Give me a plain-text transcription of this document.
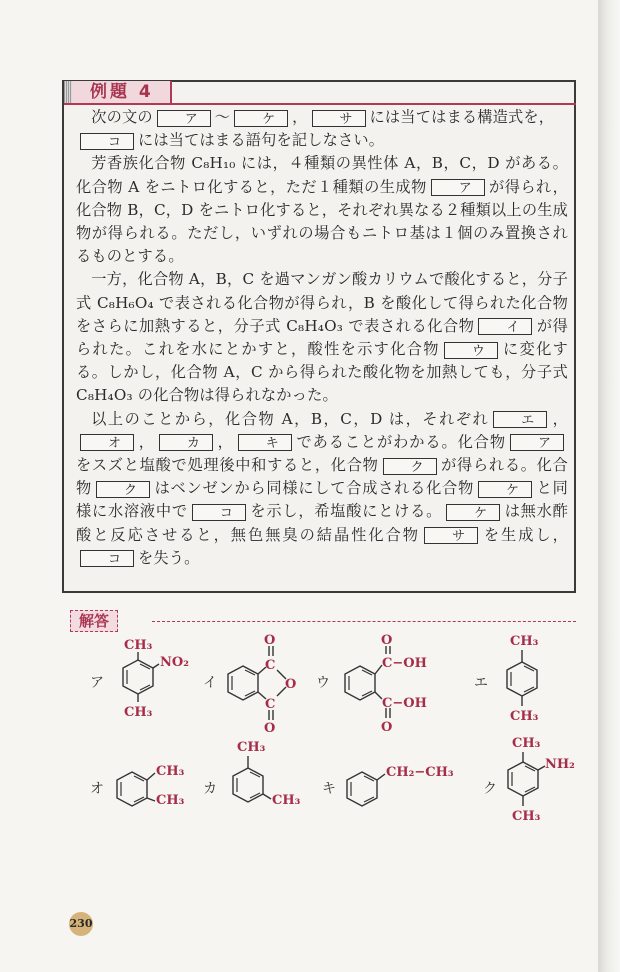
例題 4

次の文の ア 〜 ケ ， サ には当てはまる構造式を，
コ には当てはまる語句を記しなさい。

芳香族化合物 C₈H₁₀ には，４種類の異性体 A，B，C，D がある。化合物 A をニトロ化すると，ただ１種類の生成物 ア が得られ，化合物 B，C，D をニトロ化すると，それぞれ異なる２種類以上の生成物が得られる。ただし，いずれの場合もニトロ基は１個のみ置換されるものとする。

一方，化合物 A，B，C を過マンガン酸カリウムで酸化すると，分子式 C₈H₆O₄ で表される化合物が得られ，B を酸化して得られた化合物をさらに加熱すると，分子式 C₈H₄O₃ で表される化合物 イ が得られた。これを水にとかすと，酸性を示す化合物 ウ に変化する。しかし，化合物 A，C から得られた酸化物を加熱しても，分子式 C₈H₄O₃ の化合物は得られなかった。

以上のことから，化合物 A，B，C，D は，それぞれ エ ，オ ， カ ， キ であることがわかる。化合物 アをスズと塩酸で処理後中和すると，化合物 ク が得られる。化合物 ク はベンゼンから同様にして合成される化合物 ケ と同様に水溶液中で コ を示し，希塩酸にとける。 ケ は無水酢酸と反応させると，無色無臭の結晶性化合物 サ を生成し，コ を失う。

解答
ア
CH₃
NO₂
CH₃
イ
O
C
O
C
O
ウ
O
C−OH
C−OH
O
エ
CH₃
CH₃
オ
CH₃
CH₃
カ
CH₃
CH₃
キ
CH₂−CH₃
ク
CH₃
NH₂
CH₃
230
